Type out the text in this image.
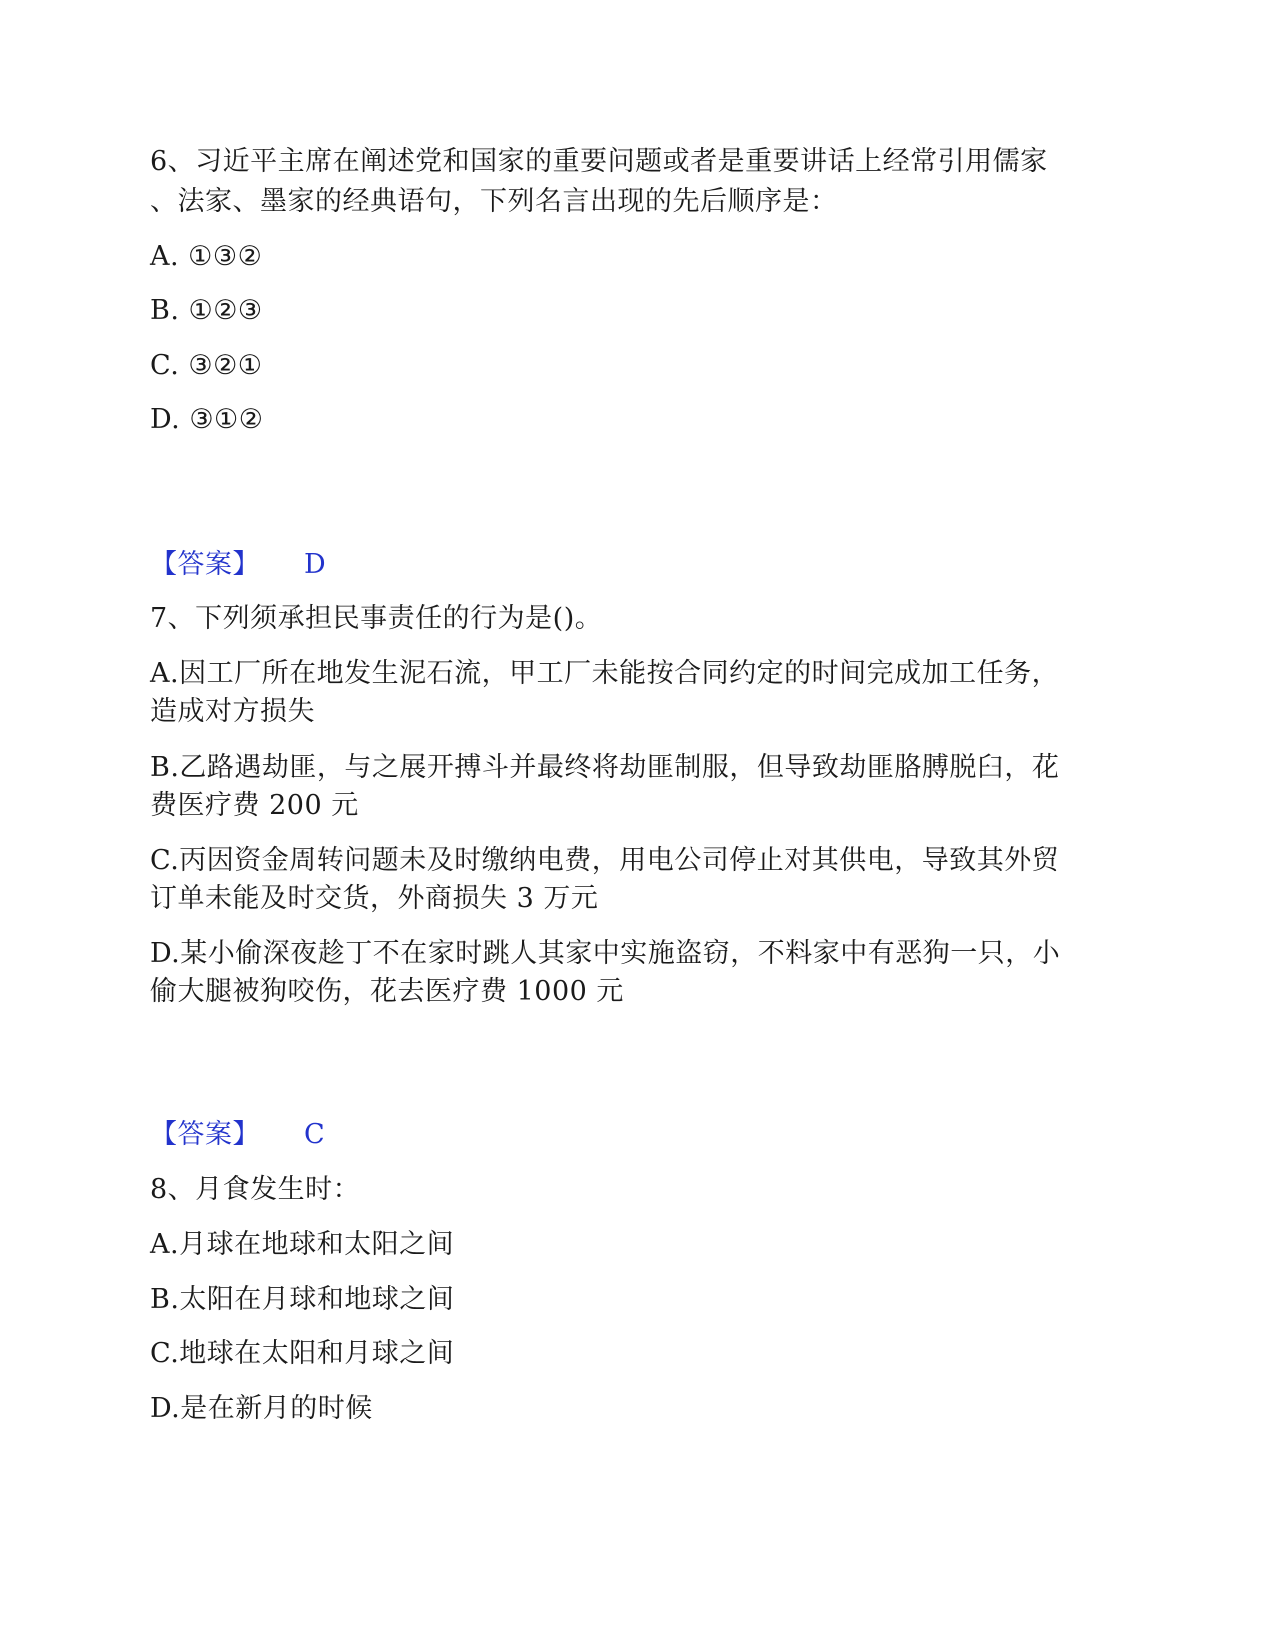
6、习近平主席在阐述党和国家的重要问题或者是重要讲话上经常引用儒家
、法家、墨家的经典语句，下列名言出现的先后顺序是：
A. ①③②
B. ①②③
C. ③②①
D. ③①②
【答案】 D
7、下列须承担民事责任的行为是()。
A.因工厂所在地发生泥石流，甲工厂未能按合同约定的时间完成加工任务，
造成对方损失
B.乙路遇劫匪，与之展开搏斗并最终将劫匪制服，但导致劫匪胳膊脱臼，花
费医疗费 200 元
C.丙因资金周转问题未及时缴纳电费，用电公司停止对其供电，导致其外贸
订单未能及时交货，外商损失 3 万元
D.某小偷深夜趁丁不在家时跳人其家中实施盗窃，不料家中有恶狗一只，小
偷大腿被狗咬伤，花去医疗费 1000 元
【答案】 C
8、月食发生时：
A.月球在地球和太阳之间
B.太阳在月球和地球之间
C.地球在太阳和月球之间
D.是在新月的时候
